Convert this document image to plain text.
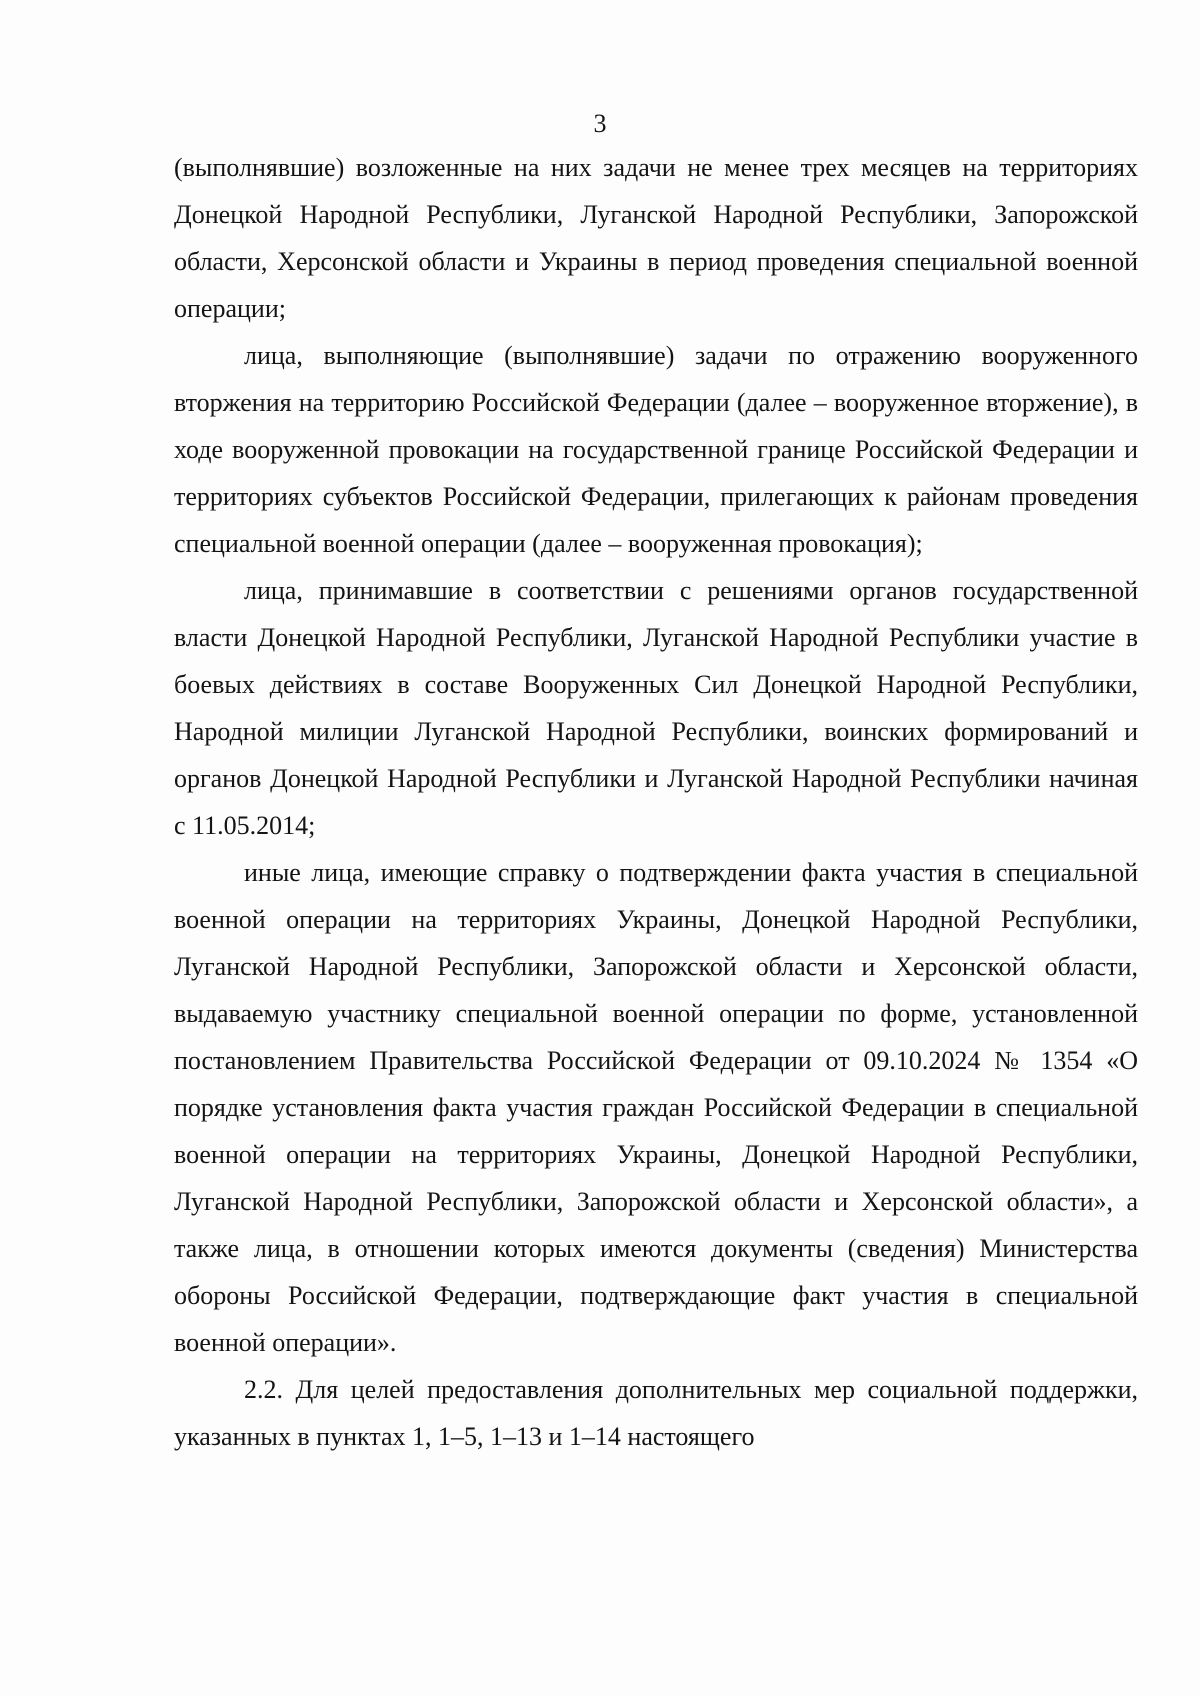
3

(выполнявшие) возложенные на них задачи не менее трех месяцев на территориях Донецкой Народной Республики, Луганской Народной Республики, Запорожской области, Херсонской области и Украины в период проведения специальной военной операции;

лица, выполняющие (выполнявшие) задачи по отражению вооруженного вторжения на территорию Российской Федерации (далее – вооруженное вторжение), в ходе вооруженной провокации на государственной границе Российской Федерации и территориях субъектов Российской Федерации, прилегающих к районам проведения специальной военной операции (далее – вооруженная провокация);

лица, принимавшие в соответствии с решениями органов государственной власти Донецкой Народной Республики, Луганской Народной Республики участие в боевых действиях в составе Вооруженных Сил Донецкой Народной Республики, Народной милиции Луганской Народной Республики, воинских формирований и органов Донецкой Народной Республики и Луганской Народной Республики начиная с 11.05.2014;

иные лица, имеющие справку о подтверждении факта участия в специальной военной операции на территориях Украины, Донецкой Народной Республики, Луганской Народной Республики, Запорожской области и Херсонской области, выдаваемую участнику специальной военной операции по форме, установленной постановлением Правительства Российской Федерации от 09.10.2024 № 1354 «О порядке установления факта участия граждан Российской Федерации в специальной военной операции на территориях Украины, Донецкой Народной Республики, Луганской Народной Республики, Запорожской области и Херсонской области», а также лица, в отношении которых имеются документы (сведения) Министерства обороны Российской Федерации, подтверждающие факт участия в специальной военной операции».

2.2. Для целей предоставления дополнительных мер социальной поддержки, указанных в пунктах 1, 1–5, 1–13 и 1–14 настоящего
